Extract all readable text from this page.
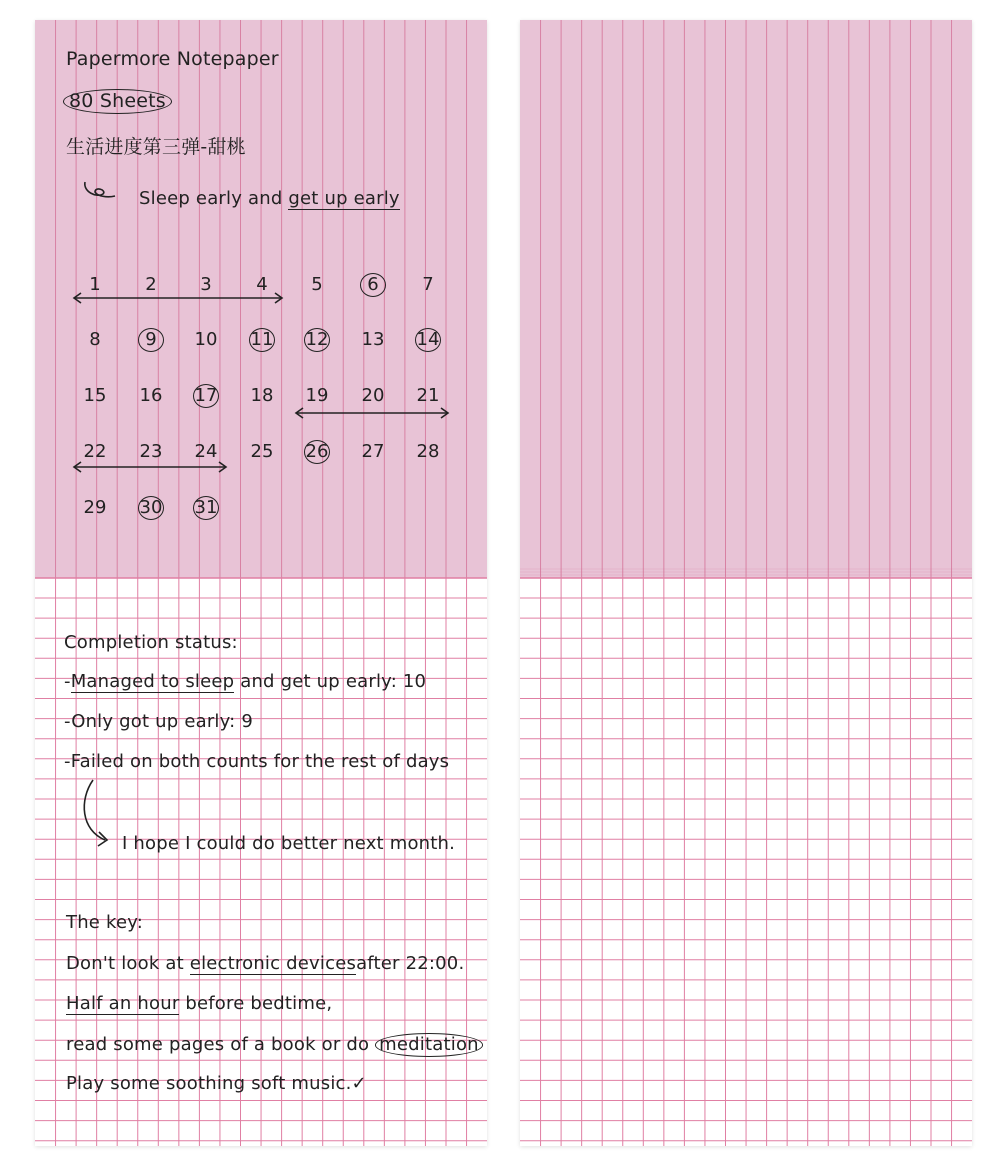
Papermore Notepaper
80 Sheets
生活进度第三弹-甜桃
Sleep early and get up early
1	2	3	4	5	6	7
8	9	10 11 12 13 14
15 16 17 18 19 20 21
22 23 24 25 26 27 28
29 30 31
Completion status:
-Managed to sleep and get up early: 10
-Only got up early: 9
-Failed on both counts for the rest of days
I hope I could do better next month.
The key:
Don't look at electronic devicesafter 22:00.
Half an hour before bedtime,
read some pages of a book or do meditation
Play some soothing soft music.✓
